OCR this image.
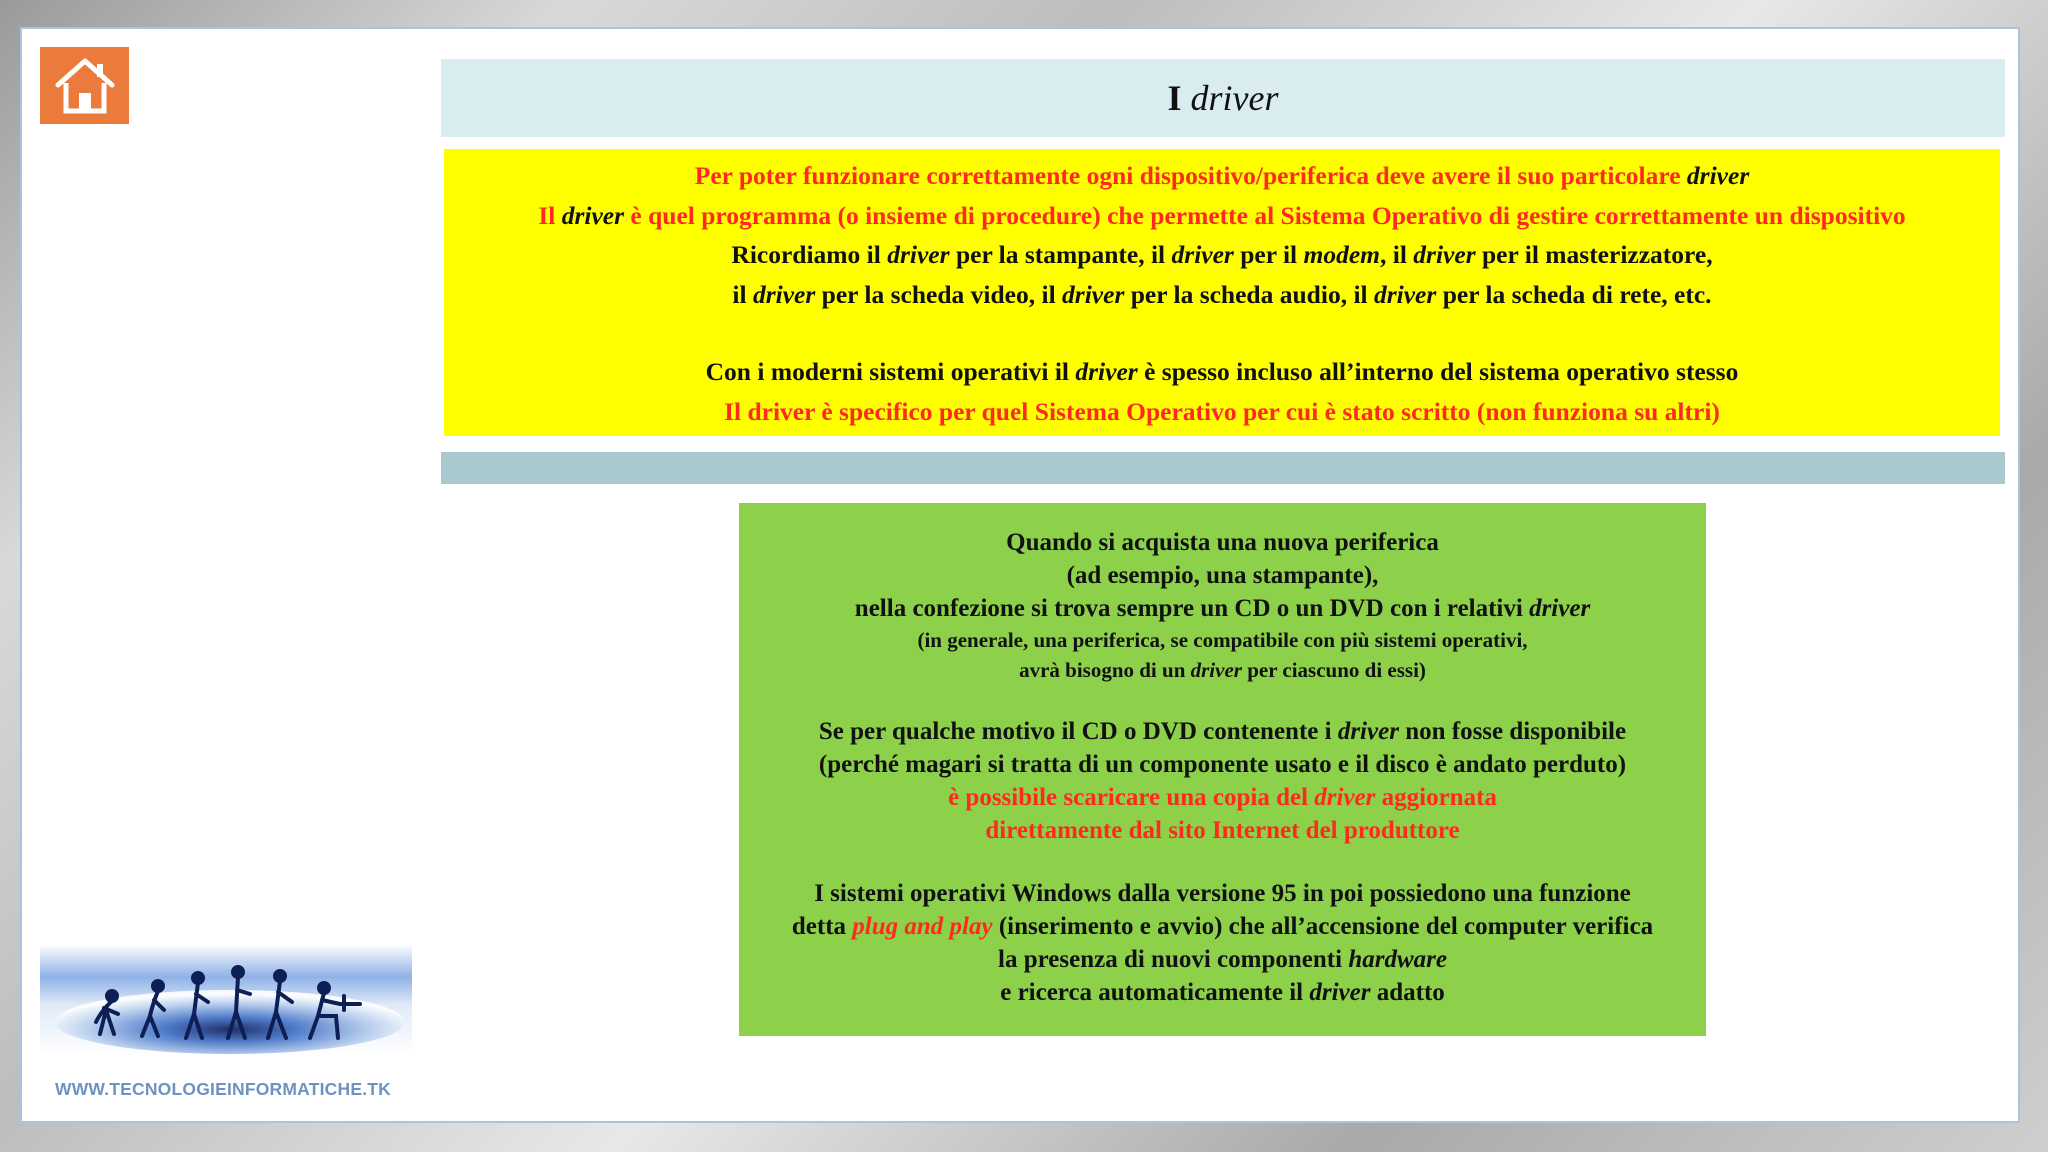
I driver

Per poter funzionare correttamente ogni dispositivo/periferica deve avere il suo particolare driver

Il driver è quel programma (o insieme di procedure) che permette al Sistema Operativo di gestire correttamente un dispositivo

Ricordiamo il driver per la stampante, il driver per il modem, il driver per il masterizzatore,

il driver per la scheda video, il driver per la scheda audio, il driver per la scheda di rete, etc.

Con i moderni sistemi operativi il driver è spesso incluso all’interno del sistema operativo stesso

Il driver è specifico per quel Sistema Operativo per cui è stato scritto (non funziona su altri)

Quando si acquista una nuova periferica

(ad esempio, una stampante),

nella confezione si trova sempre un CD o un DVD con i relativi driver

(in generale, una periferica, se compatibile con più sistemi operativi,

avrà bisogno di un driver per ciascuno di essi)

Se per qualche motivo il CD o DVD contenente i driver non fosse disponibile

(perché magari si tratta di un componente usato e il disco è andato perduto)

è possibile scaricare una copia del driver aggiornata

direttamente dal sito Internet del produttore

I sistemi operativi Windows dalla versione 95 in poi possiedono una funzione

detta plug and play (inserimento e avvio) che all’accensione del computer verifica

la presenza di nuovi componenti hardware

e ricerca automaticamente il driver adatto

WWW.TECNOLOGIEINFORMATICHE.TK
